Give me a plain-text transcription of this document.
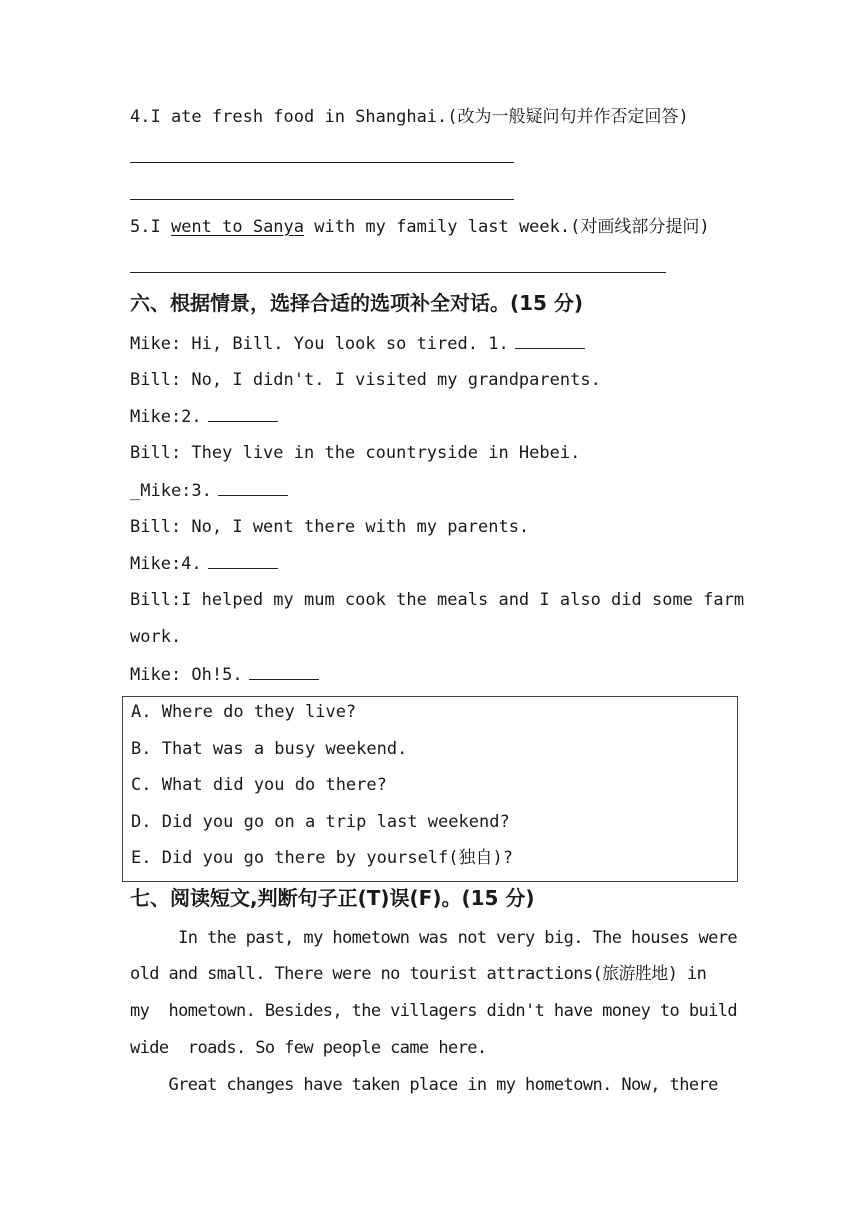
4.I ate fresh food in Shanghai.(改为一般疑问句并作否定回答)
5.I went to Sanya with my family last week.(对画线部分提问)
六、根据情景，选择合适的选项补全对话。(15 分)
Mike: Hi, Bill. You look so tired. 1.
Bill: No, I didn't. I visited my grandparents.
Mike:2.
Bill: They live in the countryside in Hebei.
_Mike:3.
Bill: No, I went there with my parents.
Mike:4.
Bill:I helped my mum cook the meals and I also did some farm
work.
Mike: Oh!5.
A. Where do they live?
B. That was a busy weekend.
C. What did you do there?
D. Did you go on a trip last weekend?
E. Did you go there by yourself(独自)?
七、阅读短文,判断句子正(T)误(F)。(15 分)
In the past, my hometown was not very big. The houses were
old and small. There were no tourist attractions(旅游胜地) in
my  hometown. Besides, the villagers didn't have money to build
wide  roads. So few people came here.
Great changes have taken place in my hometown. Now, there
